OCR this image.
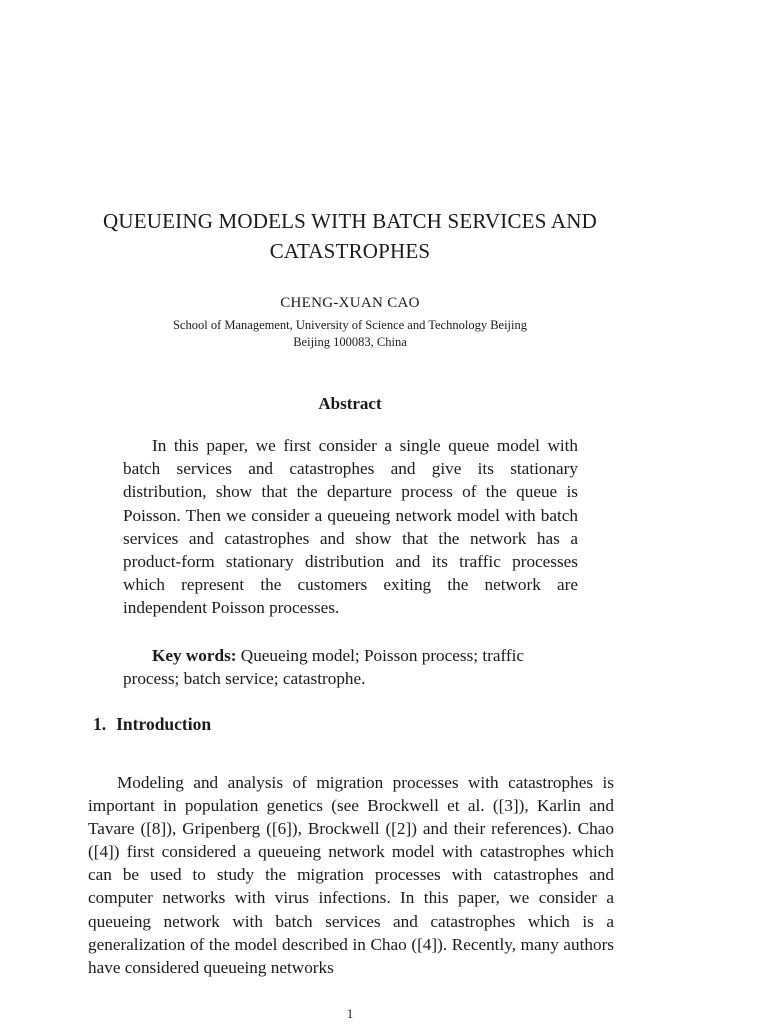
QUEUEING MODELS WITH BATCH SERVICES AND
CATASTROPHES
CHENG-XUAN CAO
School of Management, University of Science and Technology Beijing
Beijing 100083, China
Abstract

In this paper, we first consider a single queue model with batch services and catastrophes and give its stationary distribution, show that the departure process of the queue is Poisson. Then we consider a queueing network model with batch services and catastrophes and show that the network has a product-form stationary distribution and its traffic processes which represent the customers exiting the network are independent Poisson processes.

Key words: Queueing model; Poisson process; traffic process; batch service; catastrophe.

1. Introduction

Modeling and analysis of migration processes with catastrophes is important in population genetics (see Brockwell et al. ([3]), Karlin and Tavare ([8]), Gripenberg ([6]), Brockwell ([2]) and their references). Chao ([4]) first considered a queueing network model with catastrophes which can be used to study the migration processes with catastrophes and computer networks with virus infections. In this paper, we consider a queueing network with batch services and catastrophes which is a generalization of the model described in Chao ([4]). Recently, many authors have considered queueing networks

1
